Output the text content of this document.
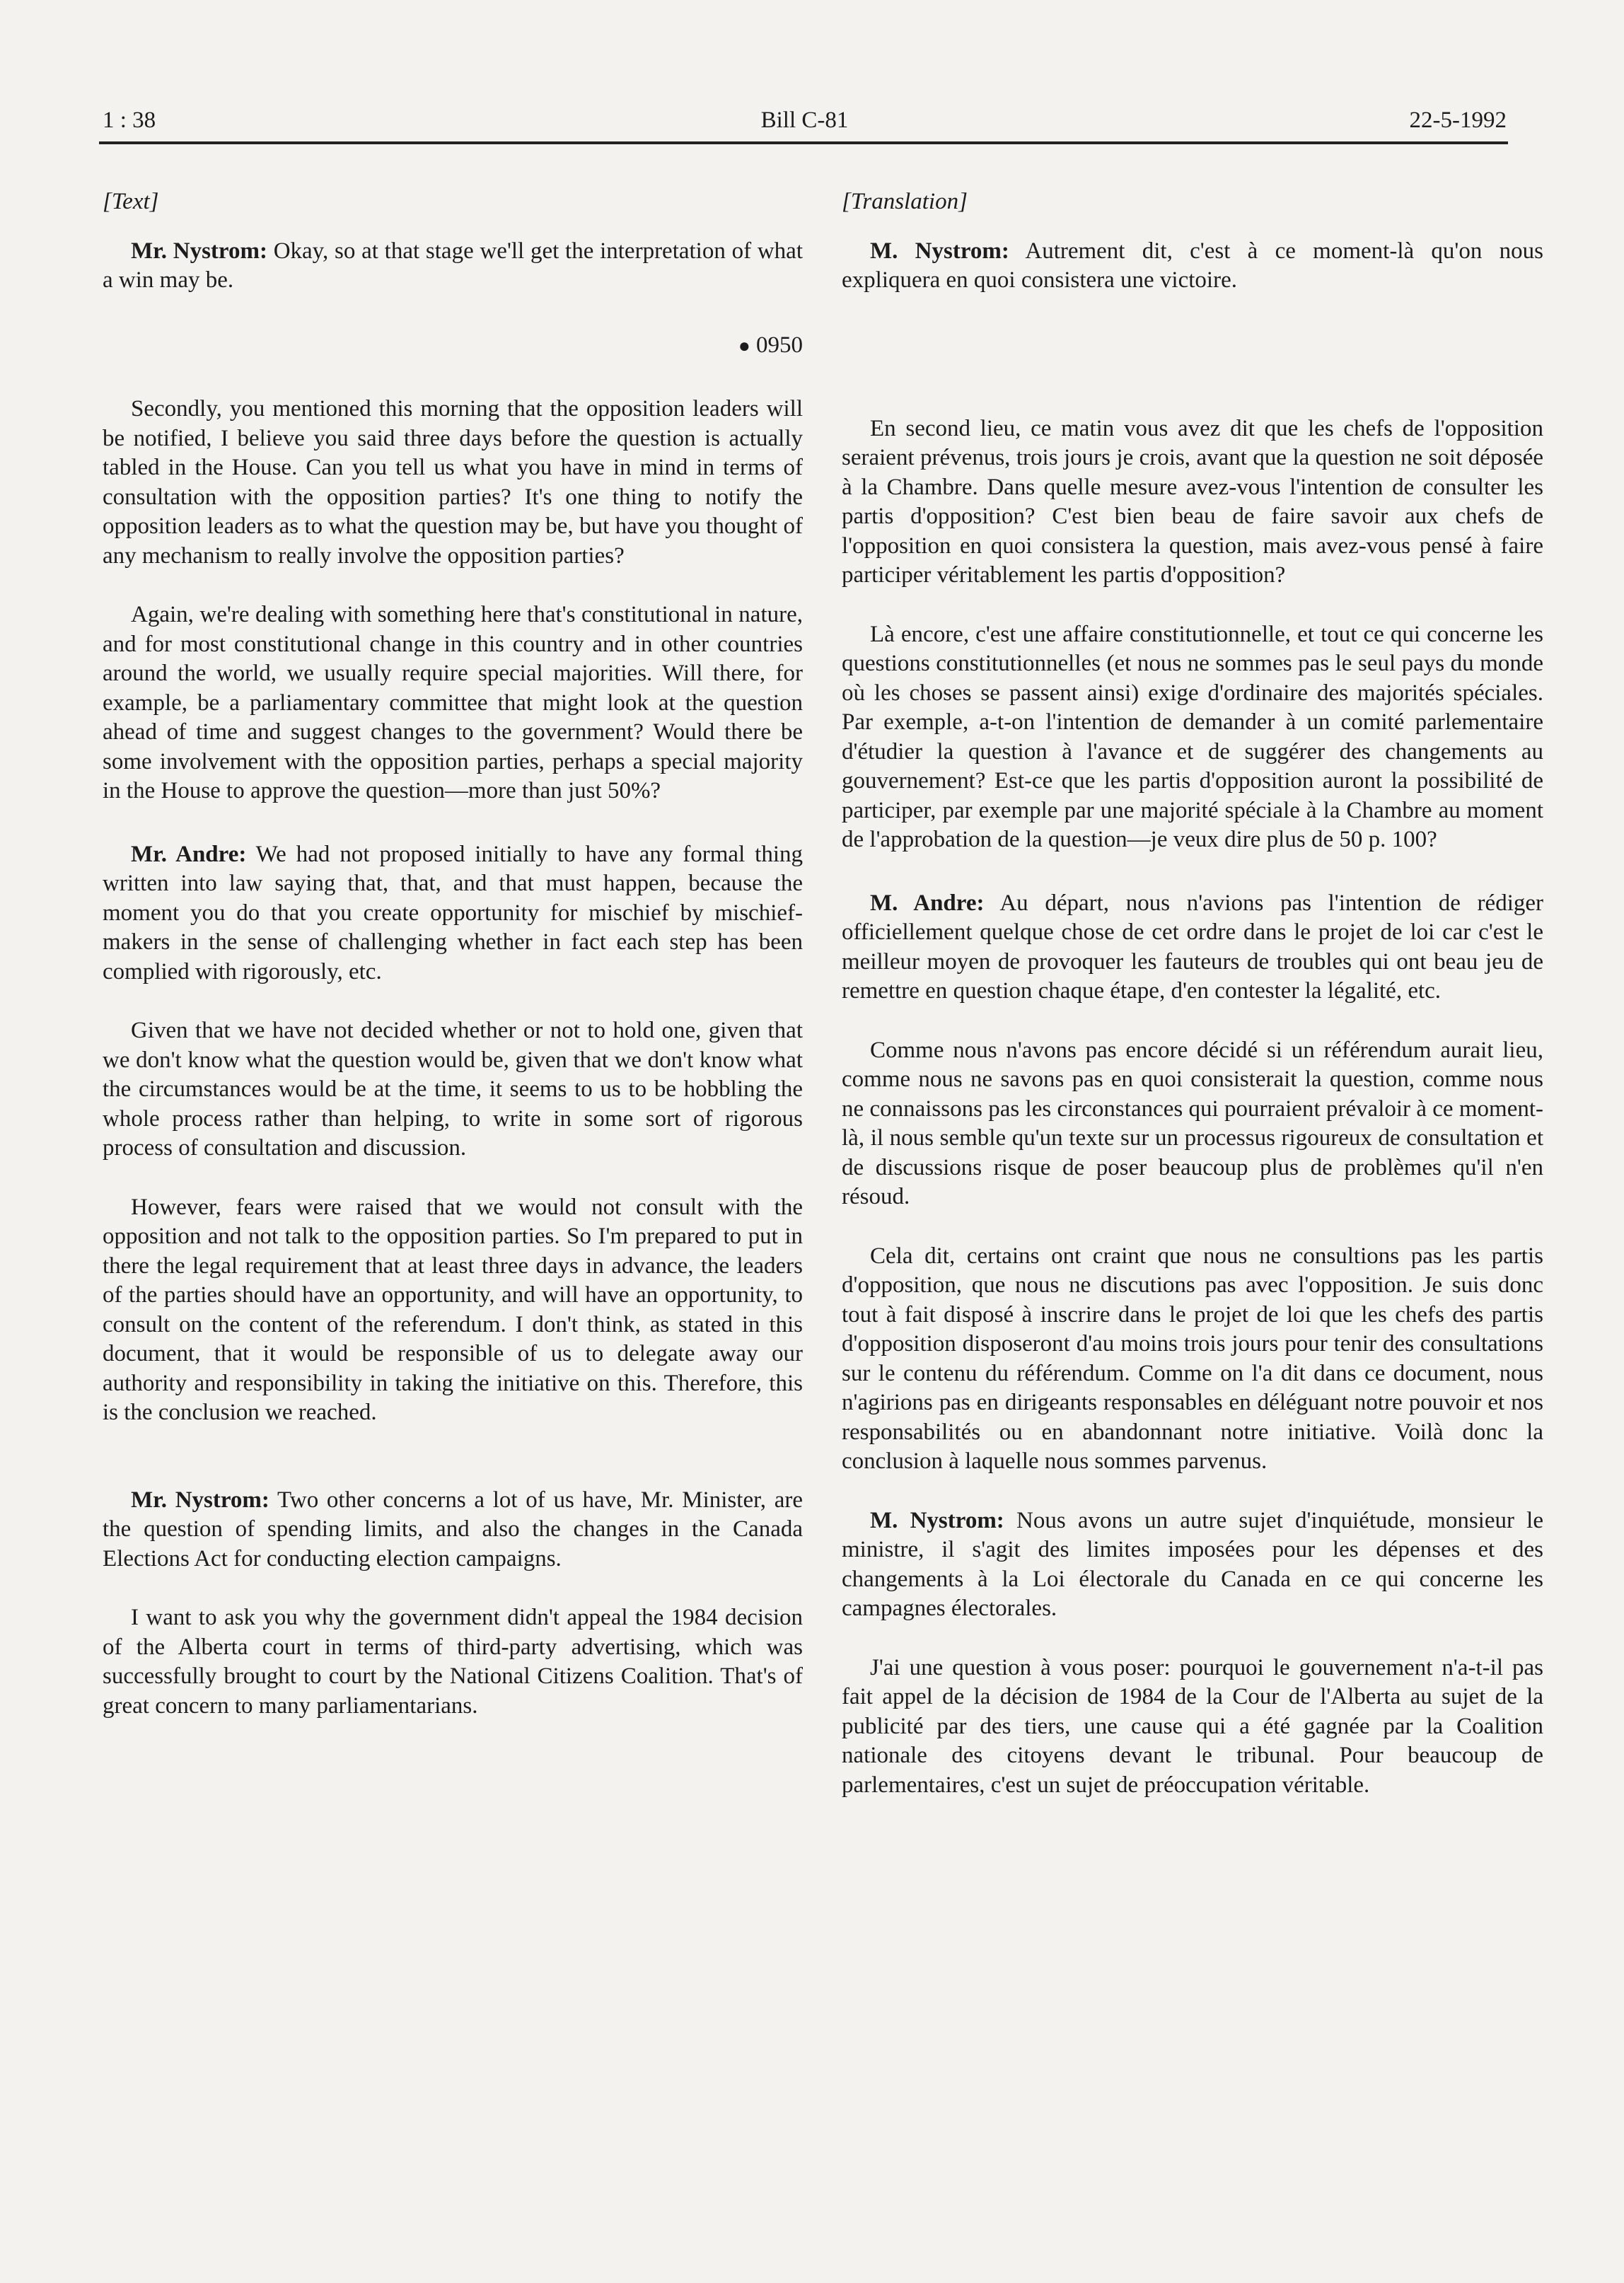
1 : 38	Bill C-81	22-5-1992

[Text]

Mr. Nystrom: Okay, so at that stage we'll get the interpretation of what a win may be.

● 0950

Secondly, you mentioned this morning that the opposition leaders will be notified, I believe you said three days before the question is actually tabled in the House. Can you tell us what you have in mind in terms of consultation with the opposition parties? It's one thing to notify the opposition leaders as to what the question may be, but have you thought of any mechanism to really involve the opposition parties?

Again, we're dealing with something here that's constitutional in nature, and for most constitutional change in this country and in other countries around the world, we usually require special majorities. Will there, for example, be a parliamentary committee that might look at the question ahead of time and suggest changes to the government? Would there be some involvement with the opposition parties, perhaps a special majority in the House to approve the question—more than just 50%?

Mr. Andre: We had not proposed initially to have any formal thing written into law saying that, that, and that must happen, because the moment you do that you create opportunity for mischief by mischief-makers in the sense of challenging whether in fact each step has been complied with rigorously, etc.

Given that we have not decided whether or not to hold one, given that we don't know what the question would be, given that we don't know what the circumstances would be at the time, it seems to us to be hobbling the whole process rather than helping, to write in some sort of rigorous process of consultation and discussion.

However, fears were raised that we would not consult with the opposition and not talk to the opposition parties. So I'm prepared to put in there the legal requirement that at least three days in advance, the leaders of the parties should have an opportunity, and will have an opportunity, to consult on the content of the referendum. I don't think, as stated in this document, that it would be responsible of us to delegate away our authority and responsibility in taking the initiative on this. Therefore, this is the conclusion we reached.

Mr. Nystrom: Two other concerns a lot of us have, Mr. Minister, are the question of spending limits, and also the changes in the Canada Elections Act for conducting election campaigns.

I want to ask you why the government didn't appeal the 1984 decision of the Alberta court in terms of third-party advertising, which was successfully brought to court by the National Citizens Coalition. That's of great concern to many parliamentarians.

[Translation]

M. Nystrom: Autrement dit, c'est à ce moment-là qu'on nous expliquera en quoi consistera une victoire.

En second lieu, ce matin vous avez dit que les chefs de l'opposition seraient prévenus, trois jours je crois, avant que la question ne soit déposée à la Chambre. Dans quelle mesure avez-vous l'intention de consulter les partis d'opposition? C'est bien beau de faire savoir aux chefs de l'opposition en quoi consistera la question, mais avez-vous pensé à faire participer véritablement les partis d'opposition?

Là encore, c'est une affaire constitutionnelle, et tout ce qui concerne les questions constitutionnelles (et nous ne sommes pas le seul pays du monde où les choses se passent ainsi) exige d'ordinaire des majorités spéciales. Par exemple, a-t-on l'intention de demander à un comité parlementaire d'étudier la question à l'avance et de suggérer des changements au gouvernement? Est-ce que les partis d'opposition auront la possibilité de participer, par exemple par une majorité spéciale à la Chambre au moment de l'approbation de la question—je veux dire plus de 50 p. 100?

M. Andre: Au départ, nous n'avions pas l'intention de rédiger officiellement quelque chose de cet ordre dans le projet de loi car c'est le meilleur moyen de provoquer les fauteurs de troubles qui ont beau jeu de remettre en question chaque étape, d'en contester la légalité, etc.

Comme nous n'avons pas encore décidé si un référendum aurait lieu, comme nous ne savons pas en quoi consisterait la question, comme nous ne connaissons pas les circonstances qui pourraient prévaloir à ce moment-là, il nous semble qu'un texte sur un processus rigoureux de consultation et de discussions risque de poser beaucoup plus de problèmes qu'il n'en résoud.

Cela dit, certains ont craint que nous ne consultions pas les partis d'opposition, que nous ne discutions pas avec l'opposition. Je suis donc tout à fait disposé à inscrire dans le projet de loi que les chefs des partis d'opposition disposeront d'au moins trois jours pour tenir des consultations sur le contenu du référendum. Comme on l'a dit dans ce document, nous n'agirions pas en dirigeants responsables en déléguant notre pouvoir et nos responsabilités ou en abandonnant notre initiative. Voilà donc la conclusion à laquelle nous sommes parvenus.

M. Nystrom: Nous avons un autre sujet d'inquiétude, monsieur le ministre, il s'agit des limites imposées pour les dépenses et des changements à la Loi électorale du Canada en ce qui concerne les campagnes électorales.

J'ai une question à vous poser: pourquoi le gouvernement n'a-t-il pas fait appel de la décision de 1984 de la Cour de l'Alberta au sujet de la publicité par des tiers, une cause qui a été gagnée par la Coalition nationale des citoyens devant le tribunal. Pour beaucoup de parlementaires, c'est un sujet de préoccupation véritable.
